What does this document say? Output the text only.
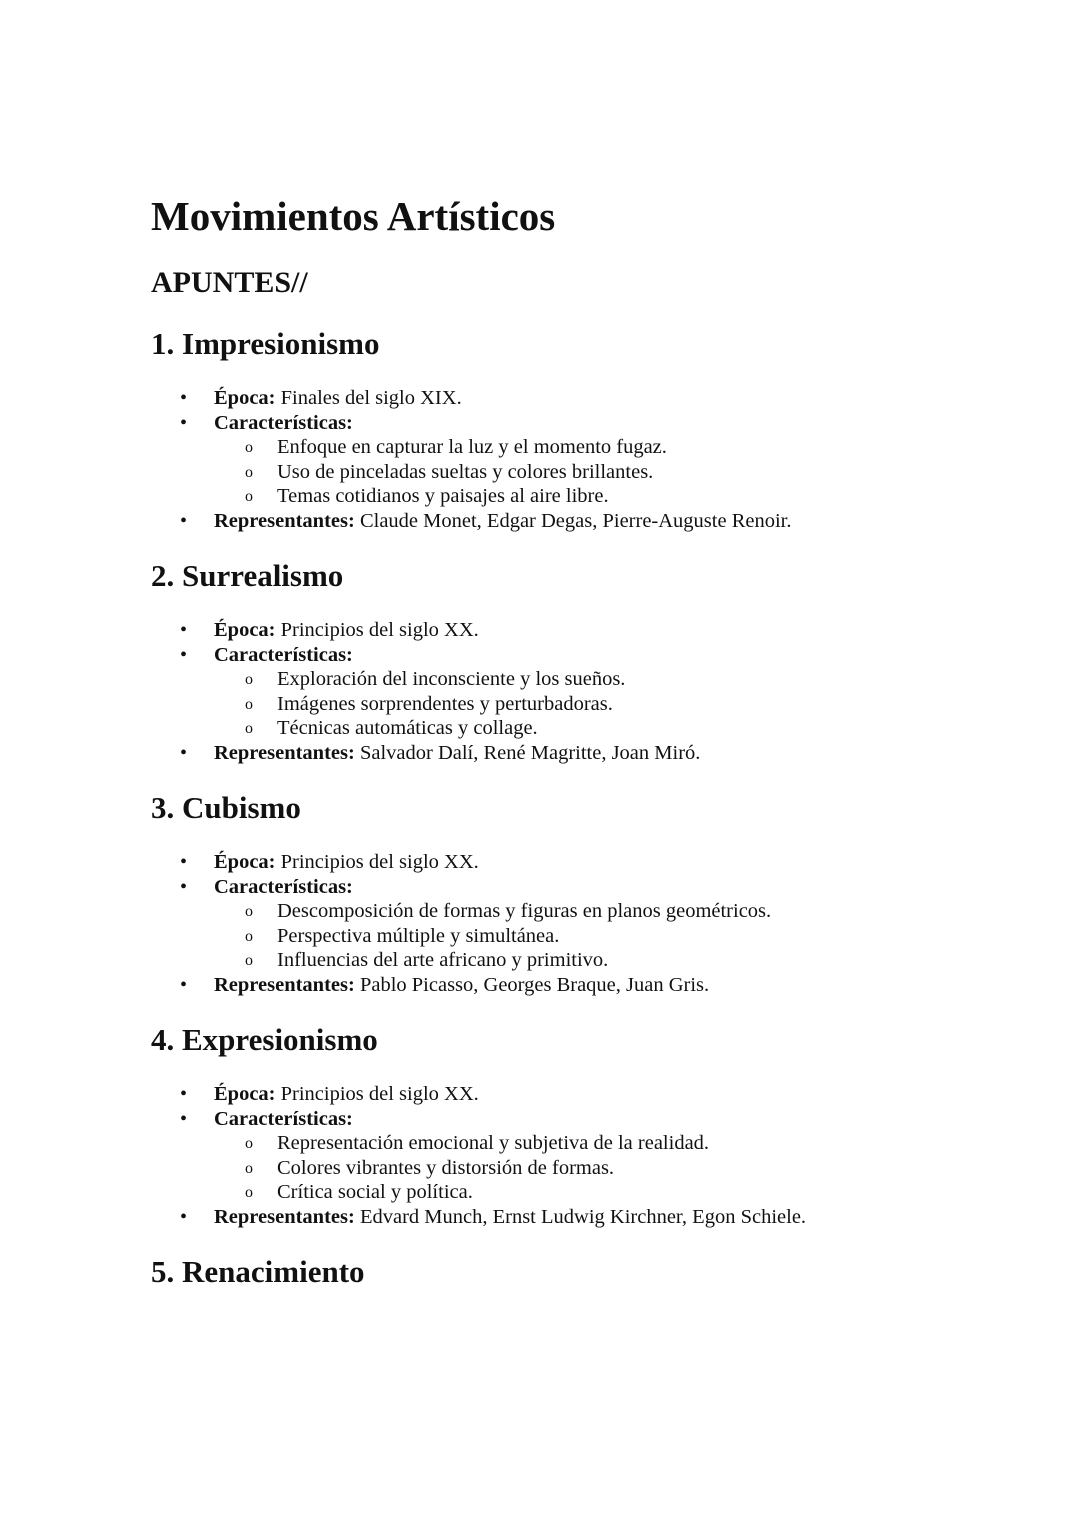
Movimientos Artísticos
APUNTES//
1. Impresionismo
• Época: Finales del siglo XIX.
• Características:
o Enfoque en capturar la luz y el momento fugaz.
o Uso de pinceladas sueltas y colores brillantes.
o Temas cotidianos y paisajes al aire libre.
• Representantes: Claude Monet, Edgar Degas, Pierre-Auguste Renoir.
2. Surrealismo
• Época: Principios del siglo XX.
• Características:
o Exploración del inconsciente y los sueños.
o Imágenes sorprendentes y perturbadoras.
o Técnicas automáticas y collage.
• Representantes: Salvador Dalí, René Magritte, Joan Miró.
3. Cubismo
• Época: Principios del siglo XX.
• Características:
o Descomposición de formas y figuras en planos geométricos.
o Perspectiva múltiple y simultánea.
o Influencias del arte africano y primitivo.
• Representantes: Pablo Picasso, Georges Braque, Juan Gris.
4. Expresionismo
• Época: Principios del siglo XX.
• Características:
o Representación emocional y subjetiva de la realidad.
o Colores vibrantes y distorsión de formas.
o Crítica social y política.
• Representantes: Edvard Munch, Ernst Ludwig Kirchner, Egon Schiele.
5. Renacimiento
